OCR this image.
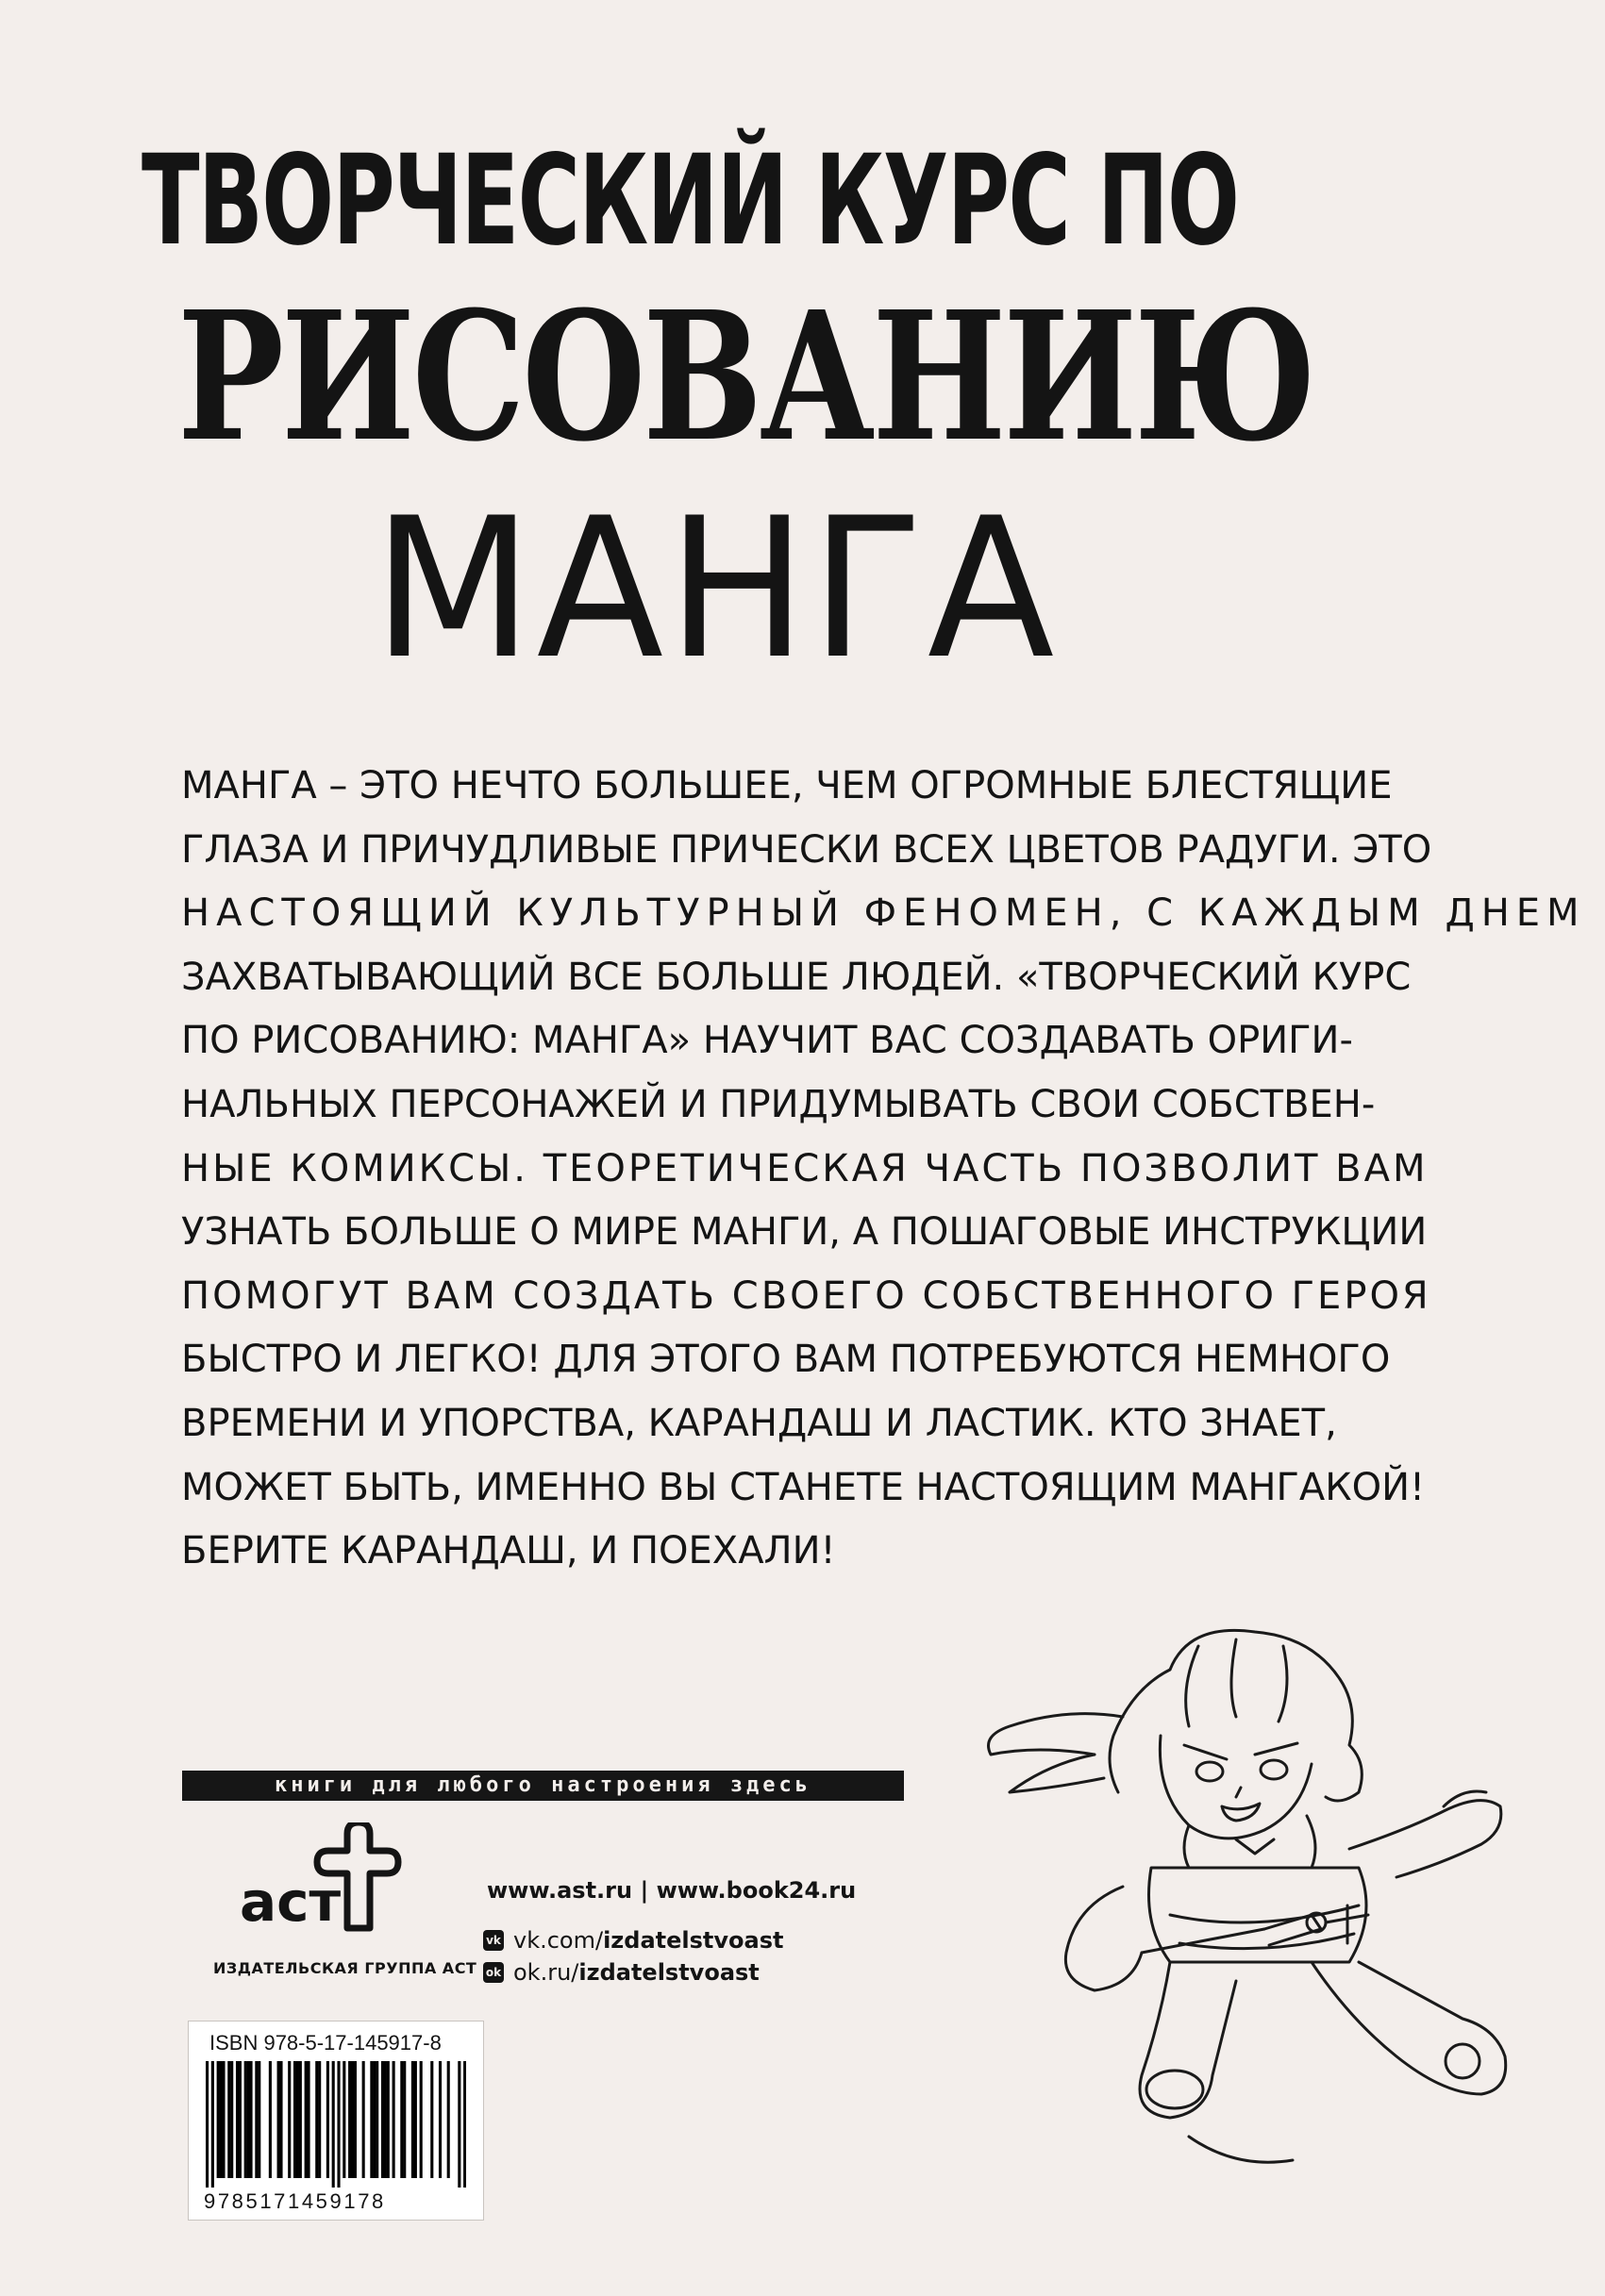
ТВОРЧЕСКИЙ КУРС ПО
РИСОВАНИЮ
МАНГА
МАНГА – ЭТО НЕЧТО БОЛЬШЕЕ, ЧЕМ ОГРОМНЫЕ БЛЕСТЯЩИЕ
ГЛАЗА И ПРИЧУДЛИВЫЕ ПРИЧЕСКИ ВСЕХ ЦВЕТОВ РАДУГИ. ЭТО
НАСТОЯЩИЙ КУЛЬТУРНЫЙ ФЕНОМЕН, С КАЖДЫМ ДНЕМ
ЗАХВАТЫВАЮЩИЙ ВСЕ БОЛЬШЕ ЛЮДЕЙ. «ТВОРЧЕСКИЙ КУРС
ПО РИСОВАНИЮ: МАНГА» НАУЧИТ ВАС СОЗДАВАТЬ ОРИГИ-
НАЛЬНЫХ ПЕРСОНАЖЕЙ И ПРИДУМЫВАТЬ СВОИ СОБСТВЕН-
НЫЕ КОМИКСЫ. ТЕОРЕТИЧЕСКАЯ ЧАСТЬ ПОЗВОЛИТ ВАМ
УЗНАТЬ БОЛЬШЕ О МИРЕ МАНГИ, А ПОШАГОВЫЕ ИНСТРУКЦИИ
ПОМОГУТ ВАМ СОЗДАТЬ СВОЕГО СОБСТВЕННОГО ГЕРОЯ
БЫСТРО И ЛЕГКО! ДЛЯ ЭТОГО ВАМ ПОТРЕБУЮТСЯ НЕМНОГО
ВРЕМЕНИ И УПОРСТВА, КАРАНДАШ И ЛАСТИК. КТО ЗНАЕТ,
МОЖЕТ БЫТЬ, ИМЕННО ВЫ СТАНЕТЕ НАСТОЯЩИМ МАНГАКОЙ!
БЕРИТЕ КАРАНДАШ, И ПОЕХАЛИ!
книги для любого настроения здесь
аст
ИЗДАТЕЛЬСКАЯ ГРУППА АСТ
www.ast.ru | www.book24.ru
vk vk.com/ izdatelstvoast
ok ok.ru/ izdatelstvoast
ISBN 978-5-17-145917-8
9785171459178
